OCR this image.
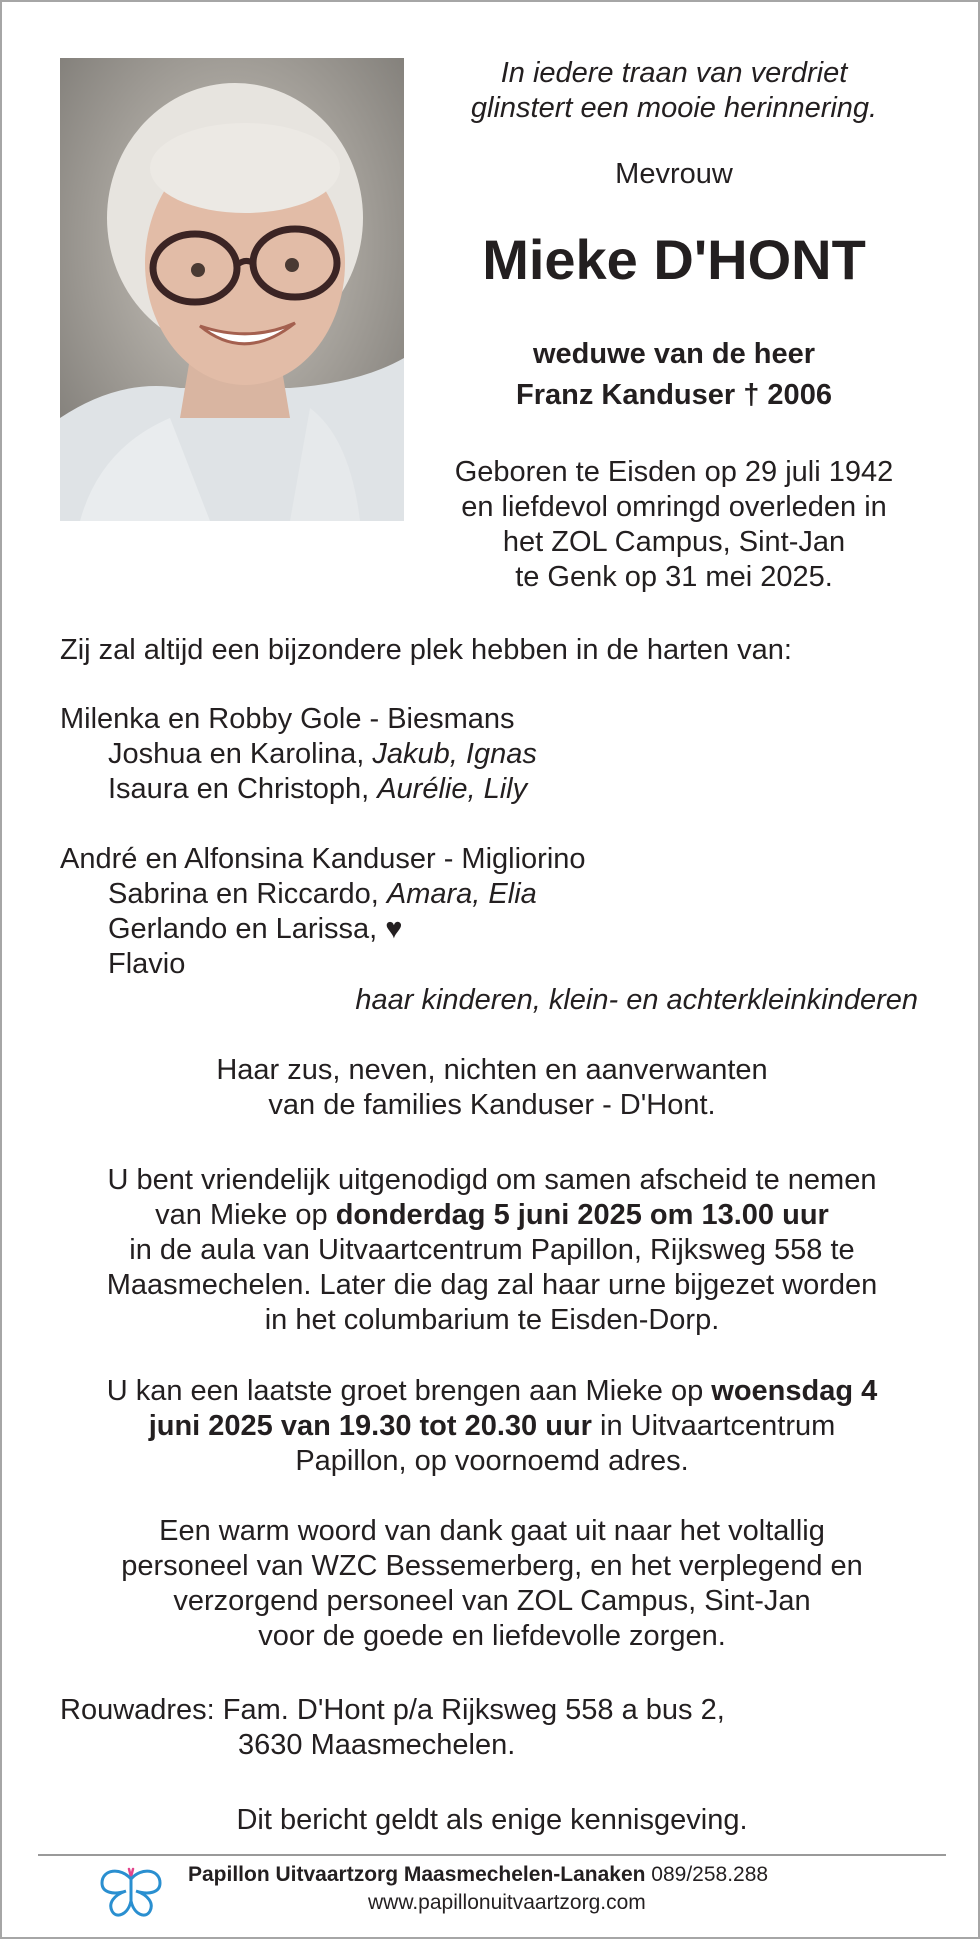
In iedere traan van verdriet
glinstert een mooie herinnering.
Mevrouw
Mieke D'HONT
weduwe van de heer
Franz Kanduser † 2006
Geboren te Eisden op 29 juli 1942
en liefdevol omringd overleden in
het ZOL Campus, Sint-Jan
te Genk op 31 mei 2025.
Zij zal altijd een bijzondere plek hebben in de harten van:
Milenka en Robby Gole - Biesmans
Joshua en Karolina, Jakub, Ignas
Isaura en Christoph, Aurélie, Lily
André en Alfonsina Kanduser - Migliorino
Sabrina en Riccardo, Amara, Elia
Gerlando en Larissa, ♥
Flavio
haar kinderen, klein- en achterkleinkinderen
Haar zus, neven, nichten en aanverwanten
van de families Kanduser - D'Hont.
U bent vriendelijk uitgenodigd om samen afscheid te nemen
van Mieke op donderdag 5 juni 2025 om 13.00 uur
in de aula van Uitvaartcentrum Papillon, Rijksweg 558 te
Maasmechelen. Later die dag zal haar urne bijgezet worden
in het columbarium te Eisden-Dorp.
U kan een laatste groet brengen aan Mieke op woensdag 4
juni 2025 van 19.30 tot 20.30 uur in Uitvaartcentrum
Papillon, op voornoemd adres.
Een warm woord van dank gaat uit naar het voltallig
personeel van WZC Bessemerberg, en het verplegend en
verzorgend personeel van ZOL Campus, Sint-Jan
voor de goede en liefdevolle zorgen.
Rouwadres: Fam. D'Hont p/a Rijksweg 558 a bus 2,
3630 Maasmechelen.
Dit bericht geldt als enige kennisgeving.
Papillon Uitvaartzorg Maasmechelen-Lanaken 089/258.288
www.papillonuitvaartzorg.com
